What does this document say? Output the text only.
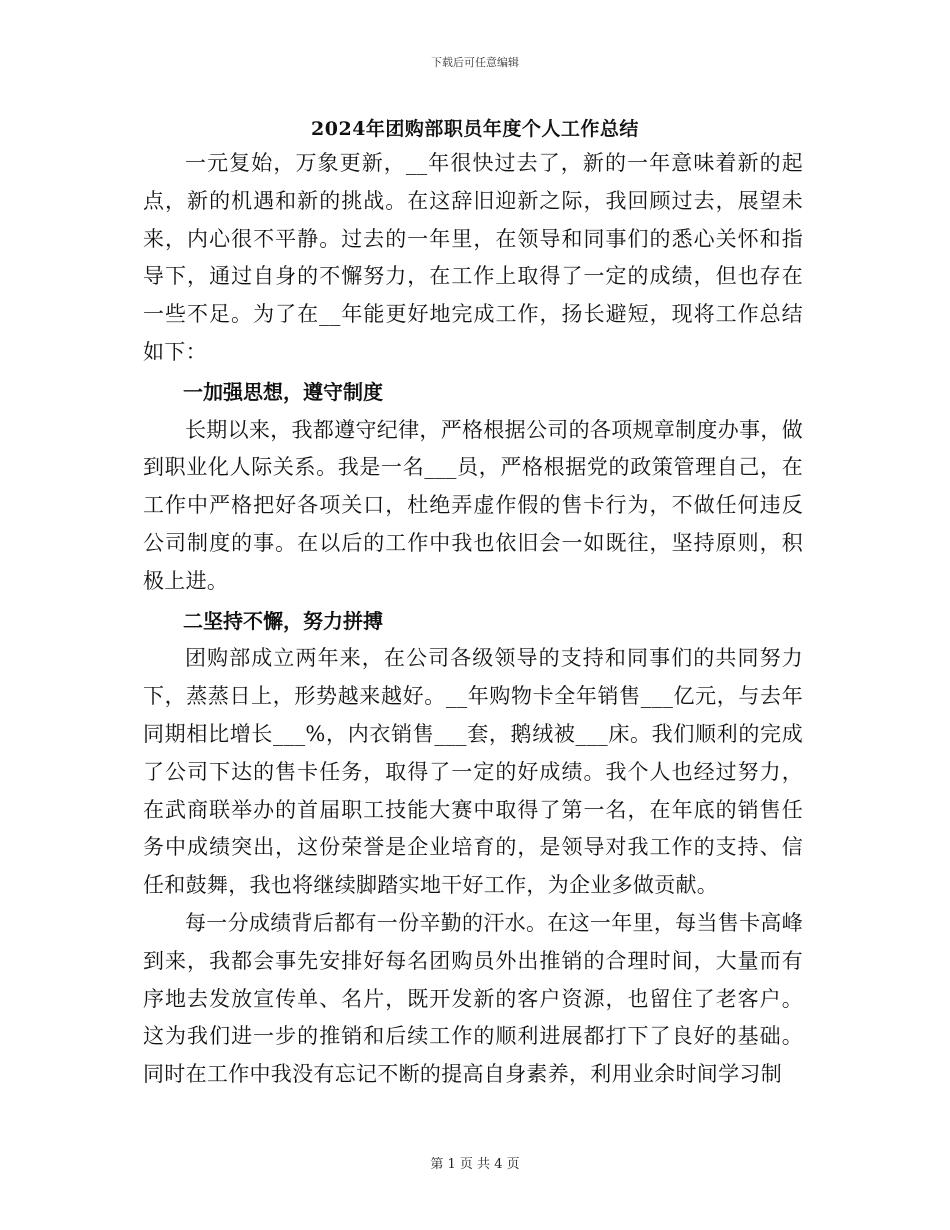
下载后可任意编辑
2024年团购部职员年度个人工作总结

一元复始，万象更新，__年很快过去了，新的一年意味着新的起点，新的机遇和新的挑战。在这辞旧迎新之际，我回顾过去，展望未来，内心很不平静。过去的一年里，在领导和同事们的悉心关怀和指导下，通过自身的不懈努力，在工作上取得了一定的成绩，但也存在一些不足。为了在__年能更好地完成工作，扬长避短，现将工作总结如下：

一加强思想，遵守制度

长期以来，我都遵守纪律，严格根据公司的各项规章制度办事，做到职业化人际关系。我是一名___员，严格根据党的政策管理自己，在工作中严格把好各项关口，杜绝弄虚作假的售卡行为，不做任何违反公司制度的事。在以后的工作中我也依旧会一如既往，坚持原则，积极上进。

二坚持不懈，努力拼搏

团购部成立两年来，在公司各级领导的支持和同事们的共同努力下，蒸蒸日上，形势越来越好。__年购物卡全年销售___亿元，与去年同期相比增长___%，内衣销售___套，鹅绒被___床。我们顺利的完成了公司下达的售卡任务，取得了一定的好成绩。我个人也经过努力，在武商联举办的首届职工技能大赛中取得了第一名，在年底的销售任务中成绩突出，这份荣誉是企业培育的，是领导对我工作的支持、信任和鼓舞，我也将继续脚踏实地干好工作，为企业多做贡献。

每一分成绩背后都有一份辛勤的汗水。在这一年里，每当售卡高峰到来，我都会事先安排好每名团购员外出推销的合理时间，大量而有序地去发放宣传单、名片，既开发新的客户资源，也留住了老客户。这为我们进一步的推销和后续工作的顺利进展都打下了良好的基础。同时在工作中我没有忘记不断的提高自身素养，利用业余时间学习制

第 1 页 共 4 页
